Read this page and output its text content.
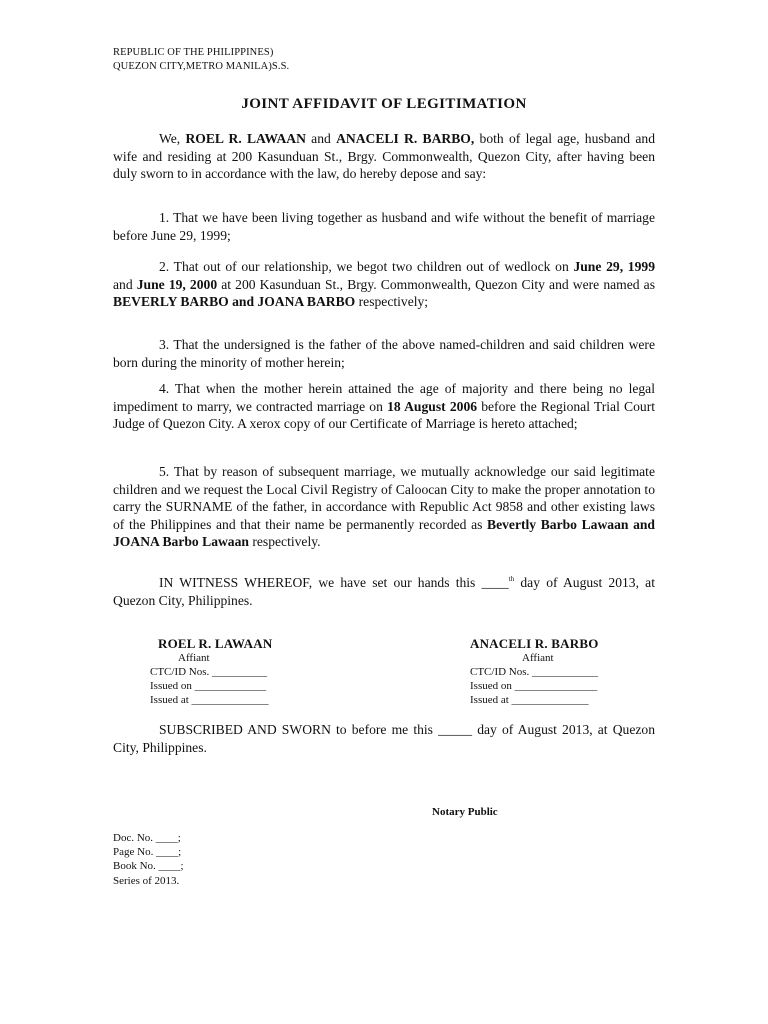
REPUBLIC OF THE PHILIPPINES)
QUEZON CITY,METRO MANILA)S.S.
JOINT AFFIDAVIT OF LEGITIMATION

We, ROEL R. LAWAAN and ANACELI R. BARBO, both of legal age, husband and wife and residing at 200 Kasunduan St., Brgy. Commonwealth, Quezon City, after having been duly sworn to in accordance with the law, do hereby depose and say:

1. That we have been living together as husband and wife without the benefit of marriage before June 29, 1999;

2. That out of our relationship, we begot two children out of wedlock on June 29, 1999 and June 19, 2000 at 200 Kasunduan St., Brgy. Commonwealth, Quezon City and were named as BEVERLY BARBO and JOANA BARBO respectively;

3. That the undersigned is the father of the above named-children and said children were born during the minority of mother herein;

4. That when the mother herein attained the age of majority and there being no legal impediment to marry, we contracted marriage on 18 August 2006 before the Regional Trial Court Judge of Quezon City. A xerox copy of our Certificate of Marriage is hereto attached;

5. That by reason of subsequent marriage, we mutually acknowledge our said legitimate children and we request the Local Civil Registry of Caloocan City to make the proper annotation to carry the SURNAME of the father, in accordance with Republic Act 9858 and other existing laws of the Philippines and that their name be permanently recorded as Bevertly Barbo Lawaan and JOANA Barbo Lawaan respectively.

IN WITNESS WHEREOF, we have set our hands this ____$^{th}$ day of August 2013, at Quezon City, Philippines.

ROEL R. LAWAAN
Affiant
CTC/ID Nos. __________
Issued on _____________
Issued at ______________
ANACELI R. BARBO
Affiant
CTC/ID Nos. ____________
Issued on _______________
Issued at ______________

SUBSCRIBED AND SWORN to before me this _____ day of August 2013, at Quezon City, Philippines.

Notary Public
Doc. No. ____;
Page No. ____;
Book No. ____;
Series of 2013.
